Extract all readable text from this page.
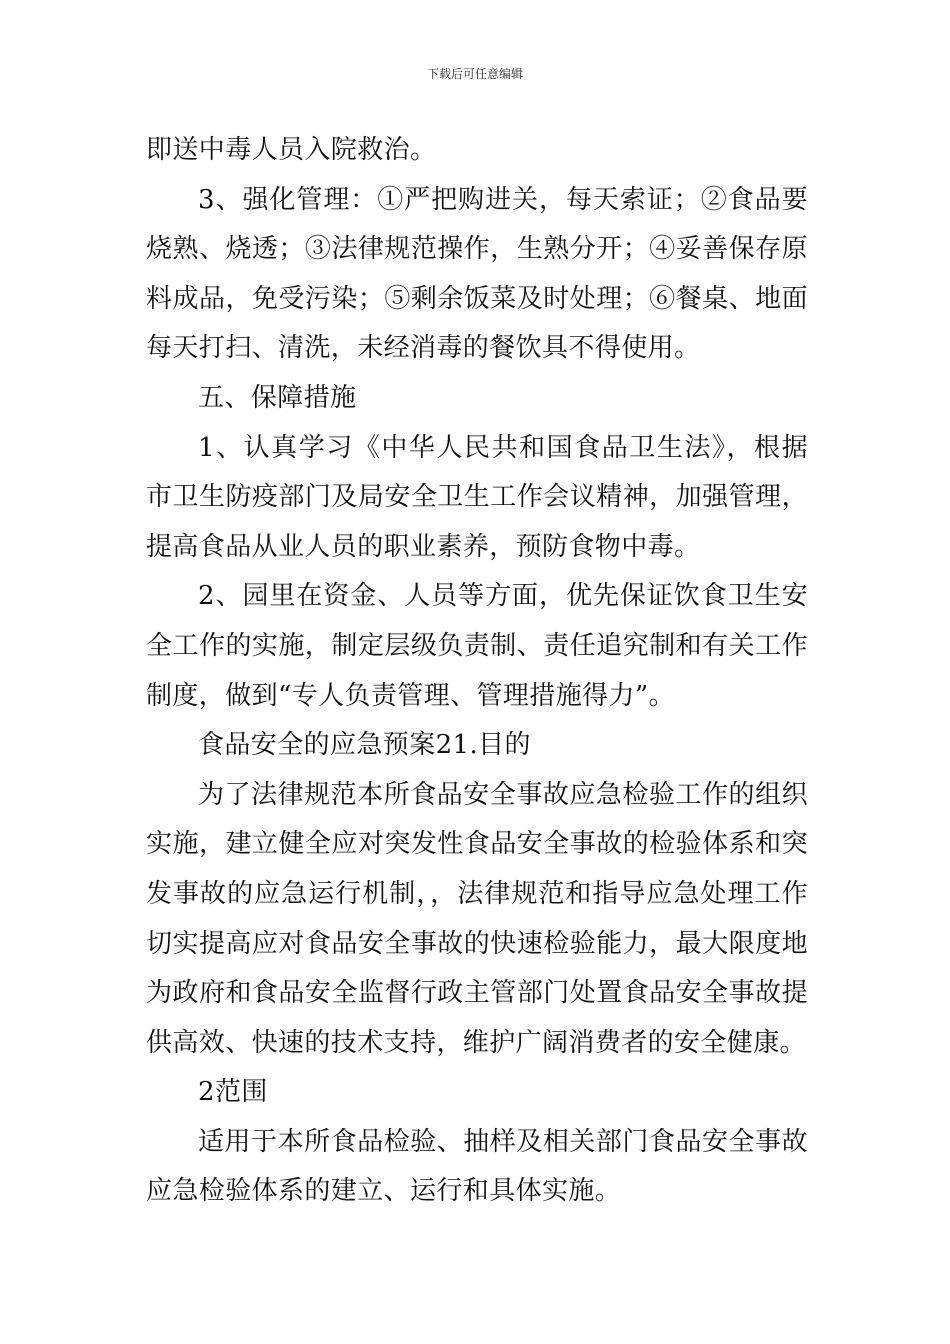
下载后可任意编辑

即送中毒人员入院救治。

3、强化管理：①严把购进关，每天索证；②食品要烧熟、烧透；③法律规范操作，生熟分开；④妥善保存原料成品，免受污染；⑤剩余饭菜及时处理；⑥餐桌、地面每天打扫、清洗，未经消毒的餐饮具不得使用。

五、保障措施

1、认真学习《中华人民共和国食品卫生法》，根据市卫生防疫部门及局安全卫生工作会议精神，加强管理，提高食品从业人员的职业素养，预防食物中毒。

2、园里在资金、人员等方面，优先保证饮食卫生安全工作的实施，制定层级负责制、责任追究制和有关工作制度，做到“专人负责管理、管理措施得力”。

食品安全的应急预案21.目的

为了法律规范本所食品安全事故应急检验工作的组织实施，建立健全应对突发性食品安全事故的检验体系和突发事故的应急运行机制，，法律规范和指导应急处理工作切实提高应对食品安全事故的快速检验能力，最大限度地为政府和食品安全监督行政主管部门处置食品安全事故提供高效、快速的技术支持，维护广阔消费者的安全健康。

2范围

适用于本所食品检验、抽样及相关部门食品安全事故应急检验体系的建立、运行和具体实施。
